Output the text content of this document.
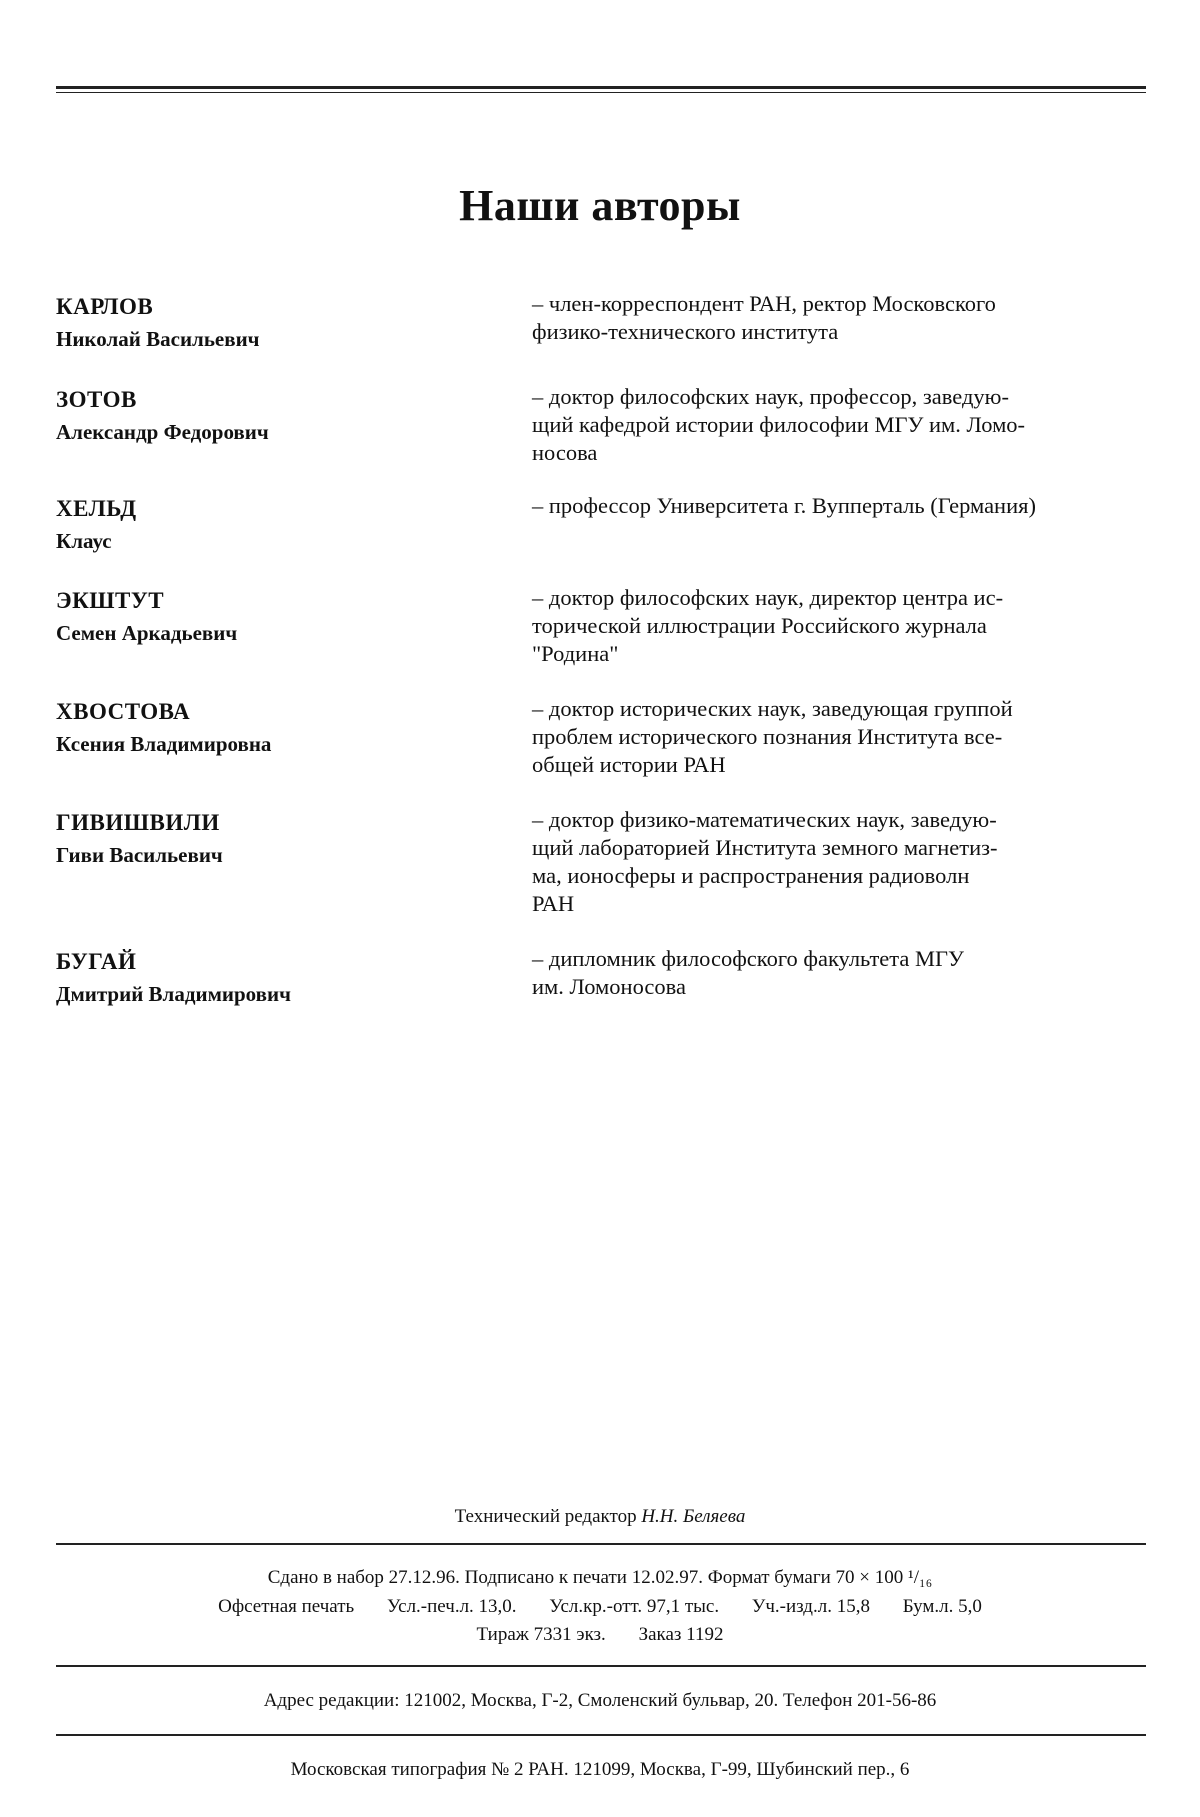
Наши авторы
КАРЛОВ
Николай Васильевич
– член-корреспондент РАН, ректор Московского
физико-технического института
ЗОТОВ
Александр Федорович
– доктор философских наук, профессор, заведую-
щий кафедрой истории философии МГУ им. Ломо-
носова
ХЕЛЬД
Клаус
– профессор Университета г. Вупперталь (Германия)
ЭКШТУТ
Семен Аркадьевич
– доктор философских наук, директор центра ис-
торической иллюстрации Российского журнала
"Родина"
ХВОСТОВА
Ксения Владимировна
– доктор исторических наук, заведующая группой
проблем исторического познания Института все-
общей истории РАН
ГИВИШВИЛИ
Гиви Васильевич
– доктор физико-математических наук, заведую-
щий лабораторией Института земного магнетиз-
ма, ионосферы и распространения радиоволн
РАН
БУГАЙ
Дмитрий Владимирович
– дипломник философского факультета МГУ
им. Ломоносова
Технический редактор Н.Н. Беляева
Сдано в набор 27.12.96. Подписано к печати 12.02.97. Формат бумаги 70 × 100 ¹/₁₆
Офсетная печать Усл.-печ.л. 13,0. Усл.кр.-отт. 97,1 тыс. Уч.-изд.л. 15,8 Бум.л. 5,0
Тираж 7331 экз. Заказ 1192
Адрес редакции: 121002, Москва, Г-2, Смоленский бульвар, 20. Телефон 201-56-86
Московская типография № 2 РАН. 121099, Москва, Г-99, Шубинский пер., 6
